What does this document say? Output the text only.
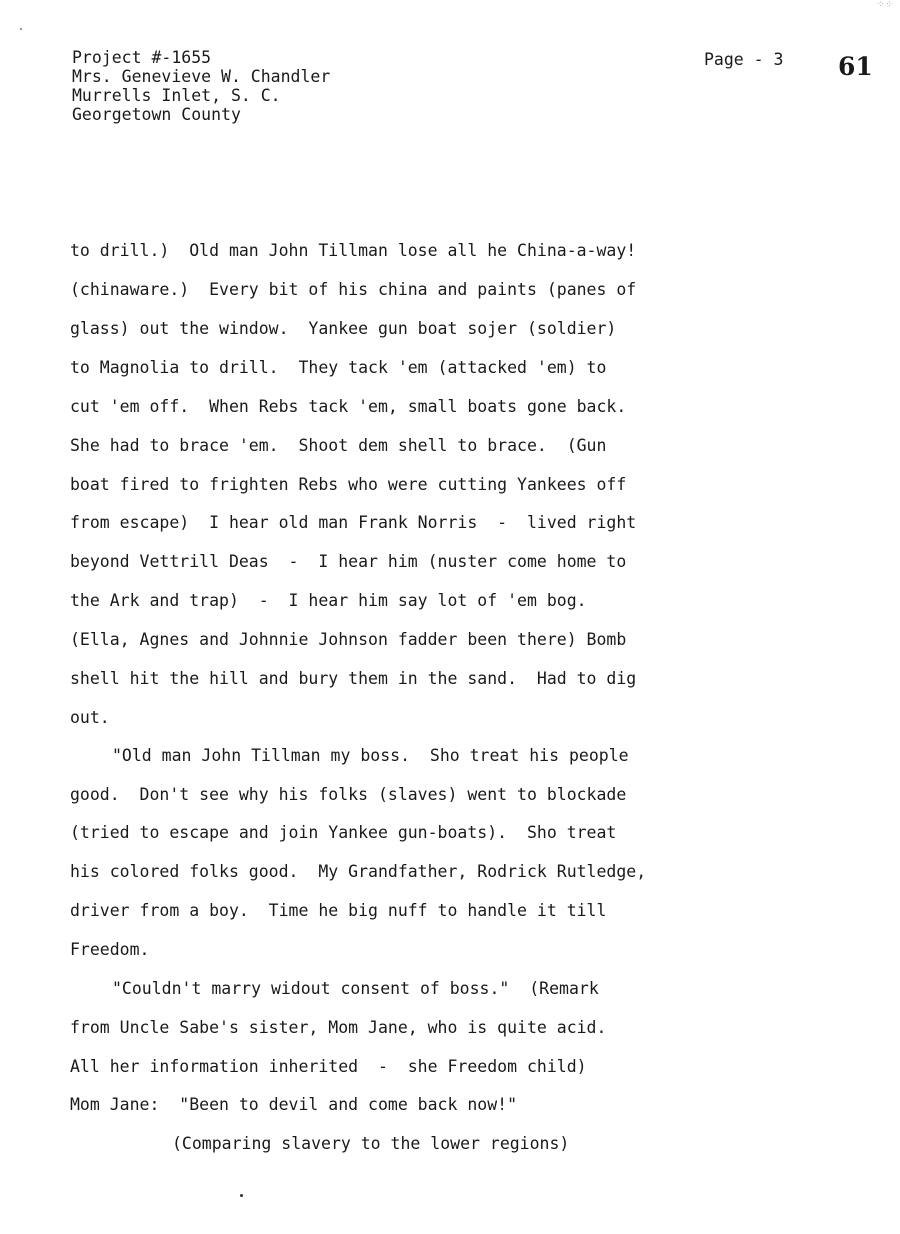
⁘⁘
Project #-1655
Mrs. Genevieve W. Chandler
Murrells Inlet, S. C.
Georgetown County
Page - 3 61
to drill.)  Old man John Tillman lose all he China-a-way!
(chinaware.)  Every bit of his china and paints (panes of
glass) out the window.  Yankee gun boat sojer (soldier)
to Magnolia to drill.  They tack 'em (attacked 'em) to
cut 'em off.  When Rebs tack 'em, small boats gone back.
She had to brace 'em.  Shoot dem shell to brace.  (Gun
boat fired to frighten Rebs who were cutting Yankees off
from escape)  I hear old man Frank Norris  -  lived right
beyond Vettrill Deas  -  I hear him (nuster come home to
the Ark and trap)  -  I hear him say lot of 'em bog.
(Ella, Agnes and Johnnie Johnson fadder been there) Bomb
shell hit the hill and bury them in the sand.  Had to dig
out.
"Old man John Tillman my boss.  Sho treat his people
good.  Don't see why his folks (slaves) went to blockade
(tried to escape and join Yankee gun-boats).  Sho treat
his colored folks good.  My Grandfather, Rodrick Rutledge,
driver from a boy.  Time he big nuff to handle it till
Freedom.
"Couldn't marry widout consent of boss."  (Remark
from Uncle Sabe's sister, Mom Jane, who is quite acid.
All her information inherited  -  she Freedom child)
Mom Jane:  "Been to devil and come back now!"
(Comparing slavery to the lower regions)
